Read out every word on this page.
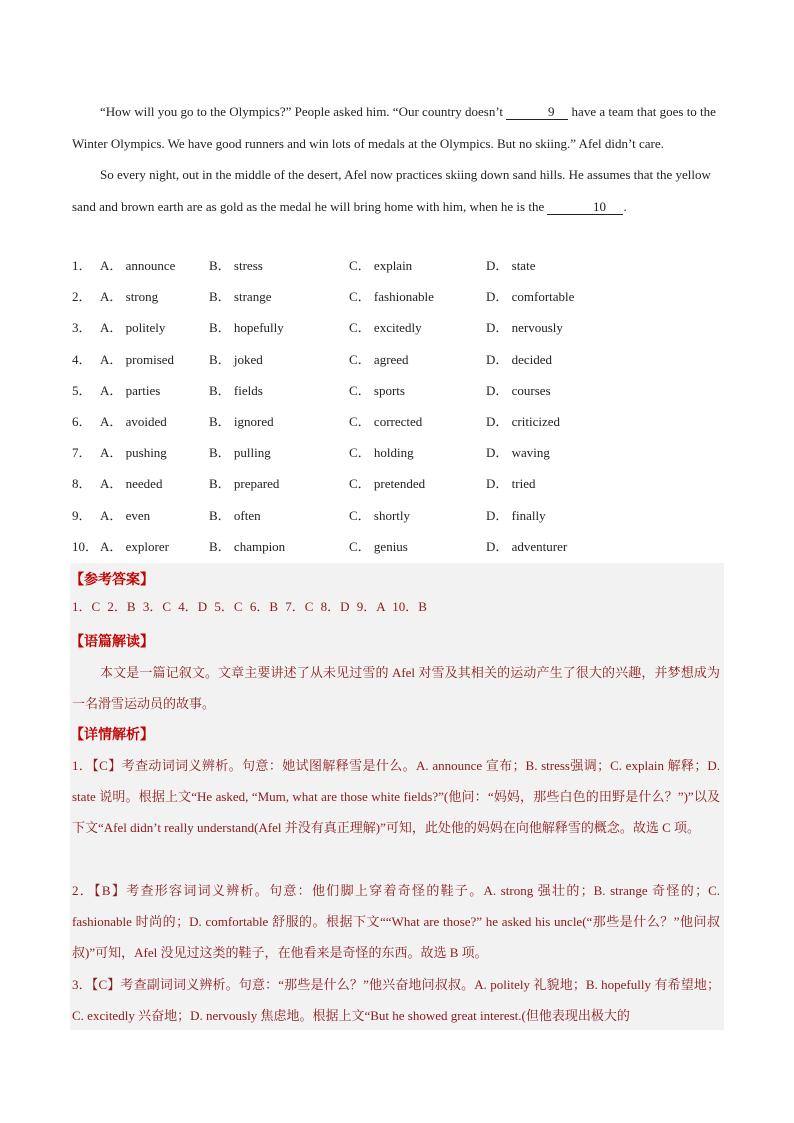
“How will you go to the Olympics?” People asked him. “Our country doesn’t	9 have a team that goes to the Winter Olympics. We have good runners and win lots of medals at the Olympics. But no skiing.” Afel didn’t care.

So every night, out in the middle of the desert, Afel now practices skiing down sand hills. He assumes that the yellow sand and brown earth are as gold as the medal he will bring home with him, when he is the	10 .

1． A． announce	B． stress	C． explain	D． state
2． A． strong	B． strange	C． fashionable	D． comfortable
3． A． politely	B． hopefully	C． excitedly	D． nervously
4． A． promised	B． joked	C． agreed	D． decided
5． A． parties	B． fields	C． sports	D． courses
6． A． avoided	B． ignored	C． corrected	D． criticized
7． A． pushing	B． pulling	C． holding	D． waving
8． A． needed	B． prepared	C． pretended	D． tried
9． A． even	B． often	C． shortly	D． finally
10． A． explorer	B． champion	C． genius	D． adventurer
【参考答案】
1．C 2．B 3．C 4．D 5．C 6．B 7．C 8．D 9．A 10．B
【语篇解读】
本文是一篇记叙文。文章主要讲述了从未见过雪的 Afel 对雪及其相关的运动产生了很大的兴趣，并梦想成为一名滑雪运动员的故事。
【详情解析】
1．【C】考查动词词义辨析。句意：她试图解释雪是什么。A. announce 宣布；B. stress强调；C. explain 解释；D. state 说明。根据上文“He asked, “Mum, what are those white fields?”(他问：“妈妈，那些白色的田野是什么？”)”以及下文“Afel didn’t really understand(Afel 并没有真正理解)”可知，此处他的妈妈在向他解释雪的概念。故选 C 项。
2．【B】考查形容词词义辨析。句意：他们脚上穿着奇怪的鞋子。A. strong 强壮的；B. strange 奇怪的；C. fashionable 时尚的；D. comfortable 舒服的。根据下文““What are those?” he asked his uncle(“那些是什么？”他问叔叔)”可知，Afel 没见过这类的鞋子，在他看来是奇怪的东西。故选 B 项。
3．【C】考查副词词义辨析。句意：“那些是什么？”他兴奋地问叔叔。A. politely 礼貌地；B. hopefully 有希望地；C. excitedly 兴奋地；D. nervously 焦虑地。根据上文“But he showed great interest.(但他表现出极大的
